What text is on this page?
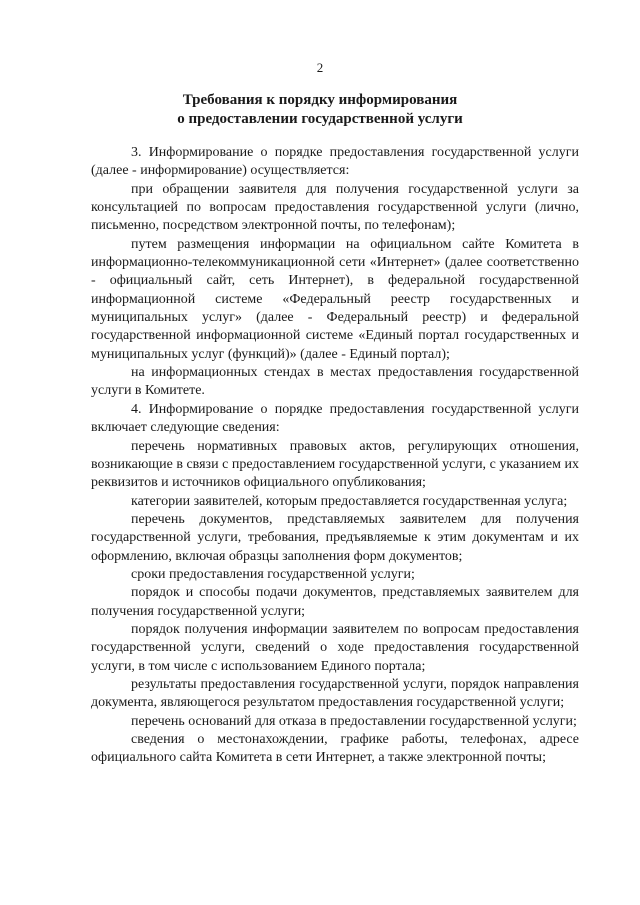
2
Требования к порядку информирования
о предоставлении государственной услуги

3. Информирование о порядке предоставления государственной услуги (далее - информирование) осуществляется:

при обращении заявителя для получения государственной услуги за консультацией по вопросам предоставления государственной услуги (лично, письменно, посредством электронной почты, по телефонам);

путем размещения информации на официальном сайте Комитета в информационно-телекоммуникационной сети «Интернет» (далее соответственно - официальный сайт, сеть Интернет), в федеральной государственной информационной системе «Федеральный реестр государственных и муниципальных услуг» (далее - Федеральный реестр) и федеральной государственной информационной системе «Единый портал государственных и муниципальных услуг (функций)» (далее - Единый портал);

на информационных стендах в местах предоставления государственной услуги в Комитете.

4. Информирование о порядке предоставления государственной услуги включает следующие сведения:

перечень нормативных правовых актов, регулирующих отношения, возникающие в связи с предоставлением государственной услуги, с указанием их реквизитов и источников официального опубликования;

категории заявителей, которым предоставляется государственная услуга;

перечень документов, представляемых заявителем для получения государственной услуги, требования, предъявляемые к этим документам и их оформлению, включая образцы заполнения форм документов;

сроки предоставления государственной услуги;

порядок и способы подачи документов, представляемых заявителем для получения государственной услуги;

порядок получения информации заявителем по вопросам предоставления государственной услуги, сведений о ходе предоставления государственной услуги, в том числе с использованием Единого портала;

результаты предоставления государственной услуги, порядок направления документа, являющегося результатом предоставления государственной услуги;

перечень оснований для отказа в предоставлении государственной услуги;

сведения о местонахождении, графике работы, телефонах, адресе официального сайта Комитета в сети Интернет, а также электронной почты;
